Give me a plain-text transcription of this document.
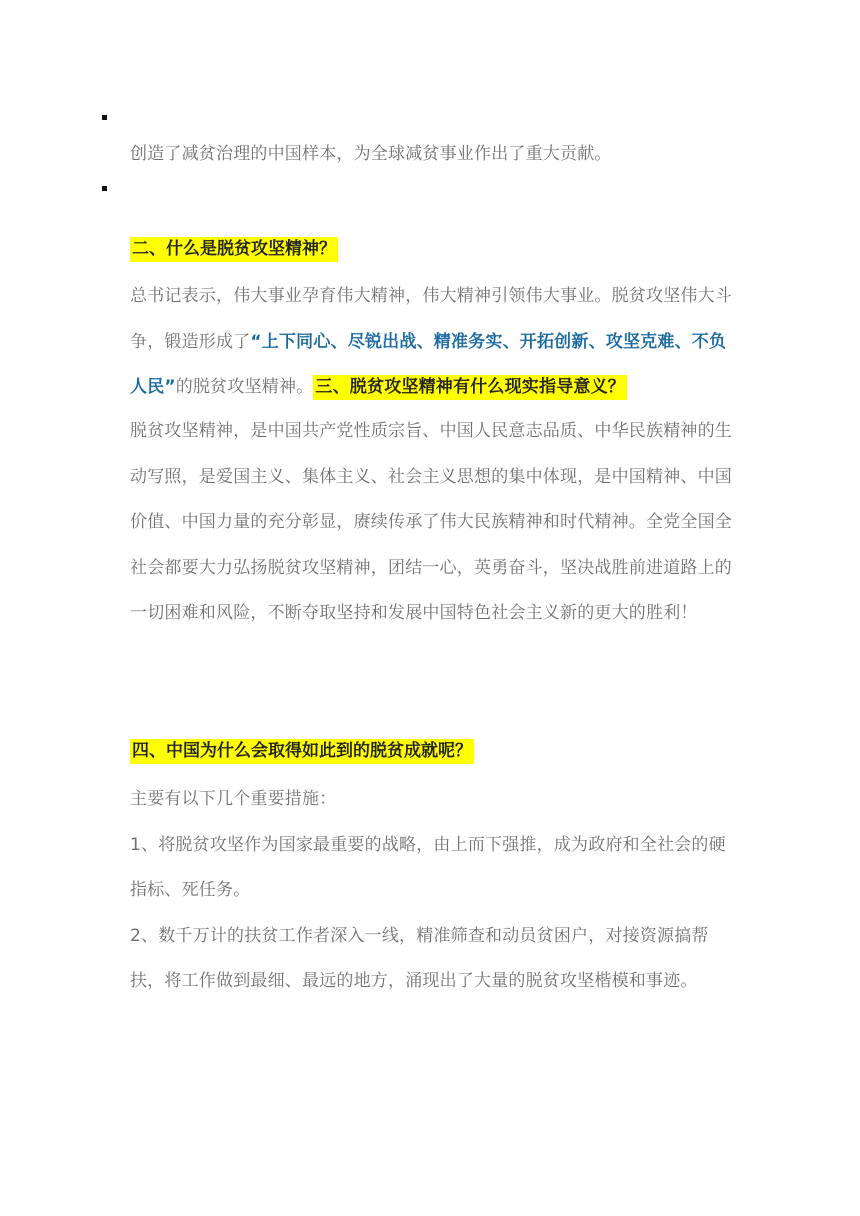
创造了减贫治理的中国样本，为全球减贫事业作出了重大贡献。

二、什么是脱贫攻坚精神？

总书记表示，伟大事业孕育伟大精神，伟大精神引领伟大事业。脱贫攻坚伟大斗争，锻造形成了“上下同心、尽锐出战、精准务实、开拓创新、攻坚克难、不负人民”的脱贫攻坚精神。 三、脱贫攻坚精神有什么现实指导意义？

脱贫攻坚精神，是中国共产党性质宗旨、中国人民意志品质、中华民族精神的生动写照，是爱国主义、集体主义、社会主义思想的集中体现，是中国精神、中国价值、中国力量的充分彰显，赓续传承了伟大民族精神和时代精神。全党全国全社会都要大力弘扬脱贫攻坚精神，团结一心，英勇奋斗，坚决战胜前进道路上的一切困难和风险，不断夺取坚持和发展中国特色社会主义新的更大的胜利！

四、中国为什么会取得如此到的脱贫成就呢？
主要有以下几个重要措施：
1、将脱贫攻坚作为国家最重要的战略，由上而下强推，成为政府和全社会的硬指标、死任务。
2、数千万计的扶贫工作者深入一线，精准筛查和动员贫困户，对接资源搞帮扶，将工作做到最细、最远的地方，涌现出了大量的脱贫攻坚楷模和事迹。
